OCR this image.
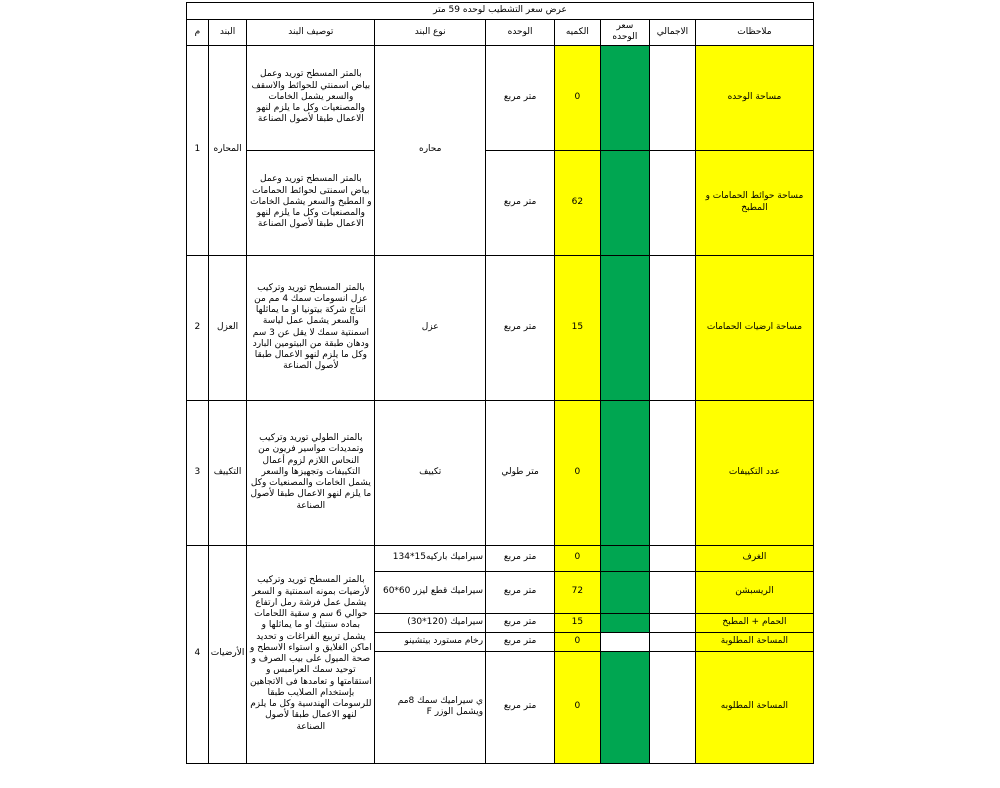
عرض سعر التشطيب لوحده 59 متر								
ملاحظات	الاجمالي	سعر الوحده	الكميه	الوحده	نوع البند	توصيف البند	البند	م
مساحة الوحده			0	متر مربع	محاره	بالمتر المسطح توريد وعمل بياض اسمنتي للحوائط والاسقف والسعر يشمل الخامات والمصنعيات وكل ما يلزم لنهو الاعمال طبقا لأصول الصناعة	المحاره	1
مساحة حوائط الحمامات و المطبخ			62	متر مربع		بالمتر المسطح توريد وعمل بياض اسمنتى لحوائط الحمامات و المطبخ والسعر يشمل الخامات والمصنعيات وكل ما يلزم لنهو الاعمال طبقا لأصول الصناعة		
مساحة ارضيات الحمامات			15	متر مربع	عزل	بالمتر المسطح توريد وتركيب عزل انسومات سمك 4 مم من انتاج شركة بيتونيا او ما يماثلها والسعر يشمل عمل لياسة اسمنتية سمك لا يقل عن 3 سم ودهان طبقة من البيتومين البارد وكل ما يلزم لنهو الاعمال طبقا لأصول الصناعة	العزل	2
عدد التكييفات			0	متر طولي	تكييف	بالمتر الطولي توريد وتركيب وتمديدات مواسير فريون من النحاس اللازم لزوم أعمال التكييفات وتجهيزها والسعر يشمل الخامات والمصنعيات وكل ما يلزم لنهو الاعمال طبقا لأصول الصناعة	التكييف	3
الغرف			0	متر مربع	سيراميك باركيه15*134	بالمتر المسطح توريد وتركيب لأرضيات بمونه اسمنتية و السعر يشمل عمل فرشة رمل ارتفاع حوالي 6 سم و سقية اللحامات بماده سنتيك او ما يماثلها و يشمل تربيع الفراغات و تحديد اماكن الغلايق و استواء الاسطح و صحة الميول على بيب الصرف و توحيد سمك العرامبس و استقامتها و تعامدها فى الاتجاهين بإستخدام الصلايب طبقا للرسومات الهندسية وكل ما يلزم لنهو الاعمال طبقا لأصول الصناعة	الأرضيات	4
الريسبشن			72	متر مربع	سيراميك قطع ليزر 60*60			
الحمام + المطبخ			15	متر مربع	سيراميك (120*30)			
المساحة المطلوبة			0	متر مربع	رخام مستورد بيتشينو			
المساحة المطلوبه			0	متر مربع	ي سيراميك سمك 8مم ويشمل الوزر F			
